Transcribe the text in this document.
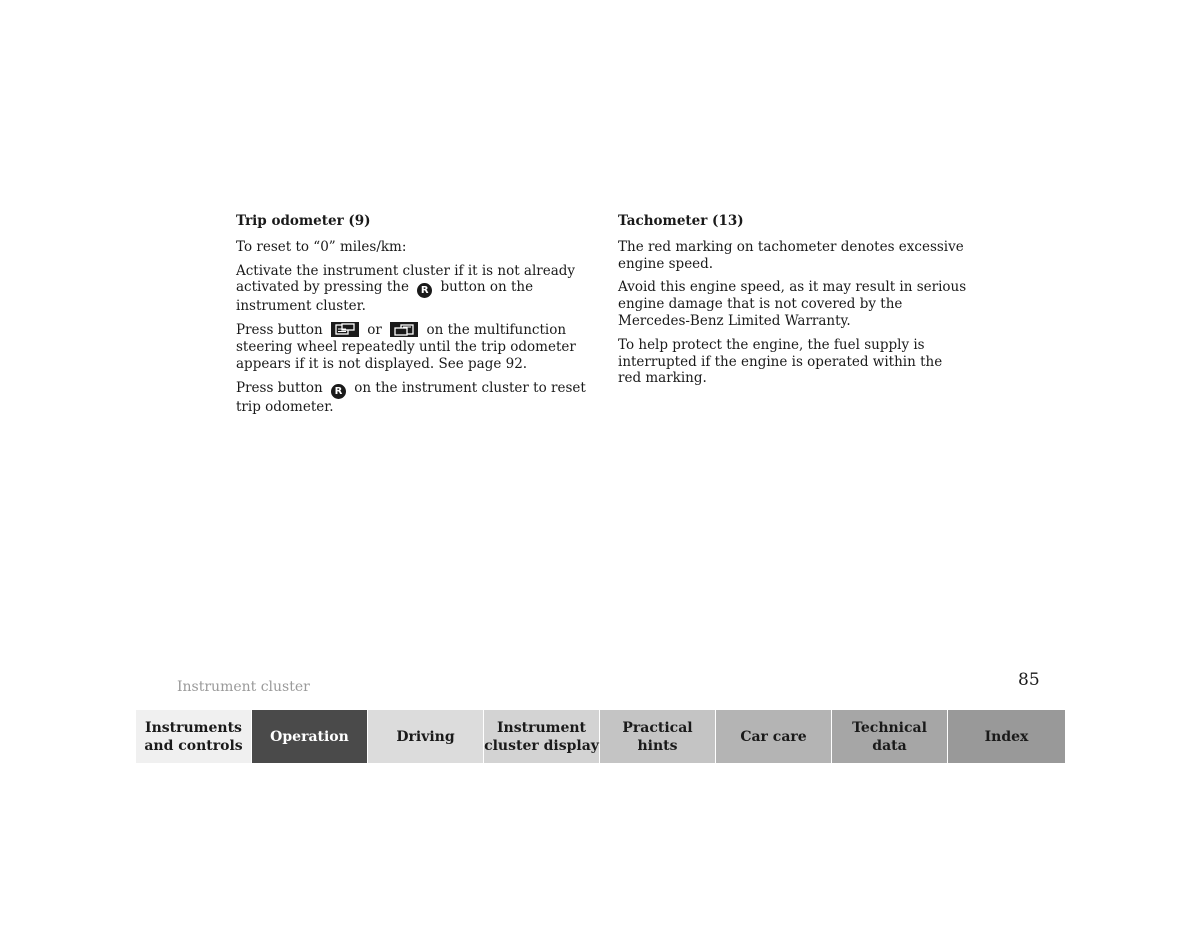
Trip odometer (9)

To reset to “0” miles/km:

Activate the instrument cluster if it is not already activated by pressing the R button on the instrument cluster.

Press button	or	on the multifunction steering wheel repeatedly until the trip odometer appears if it is not displayed. See page 92.

Press button R on the instrument cluster to reset trip odometer.

Tachometer (13)

The red marking on tachometer denotes excessive engine speed.

Avoid this engine speed, as it may result in serious engine damage that is not covered by the Mercedes-Benz Limited Warranty.

To help protect the engine, the fuel supply is interrupted if the engine is operated within the red marking.

Instrument cluster	85
Instruments
and controls
Operation	Driving
Instrument
cluster display
Practical hints
Car care
Technical
data
Index
